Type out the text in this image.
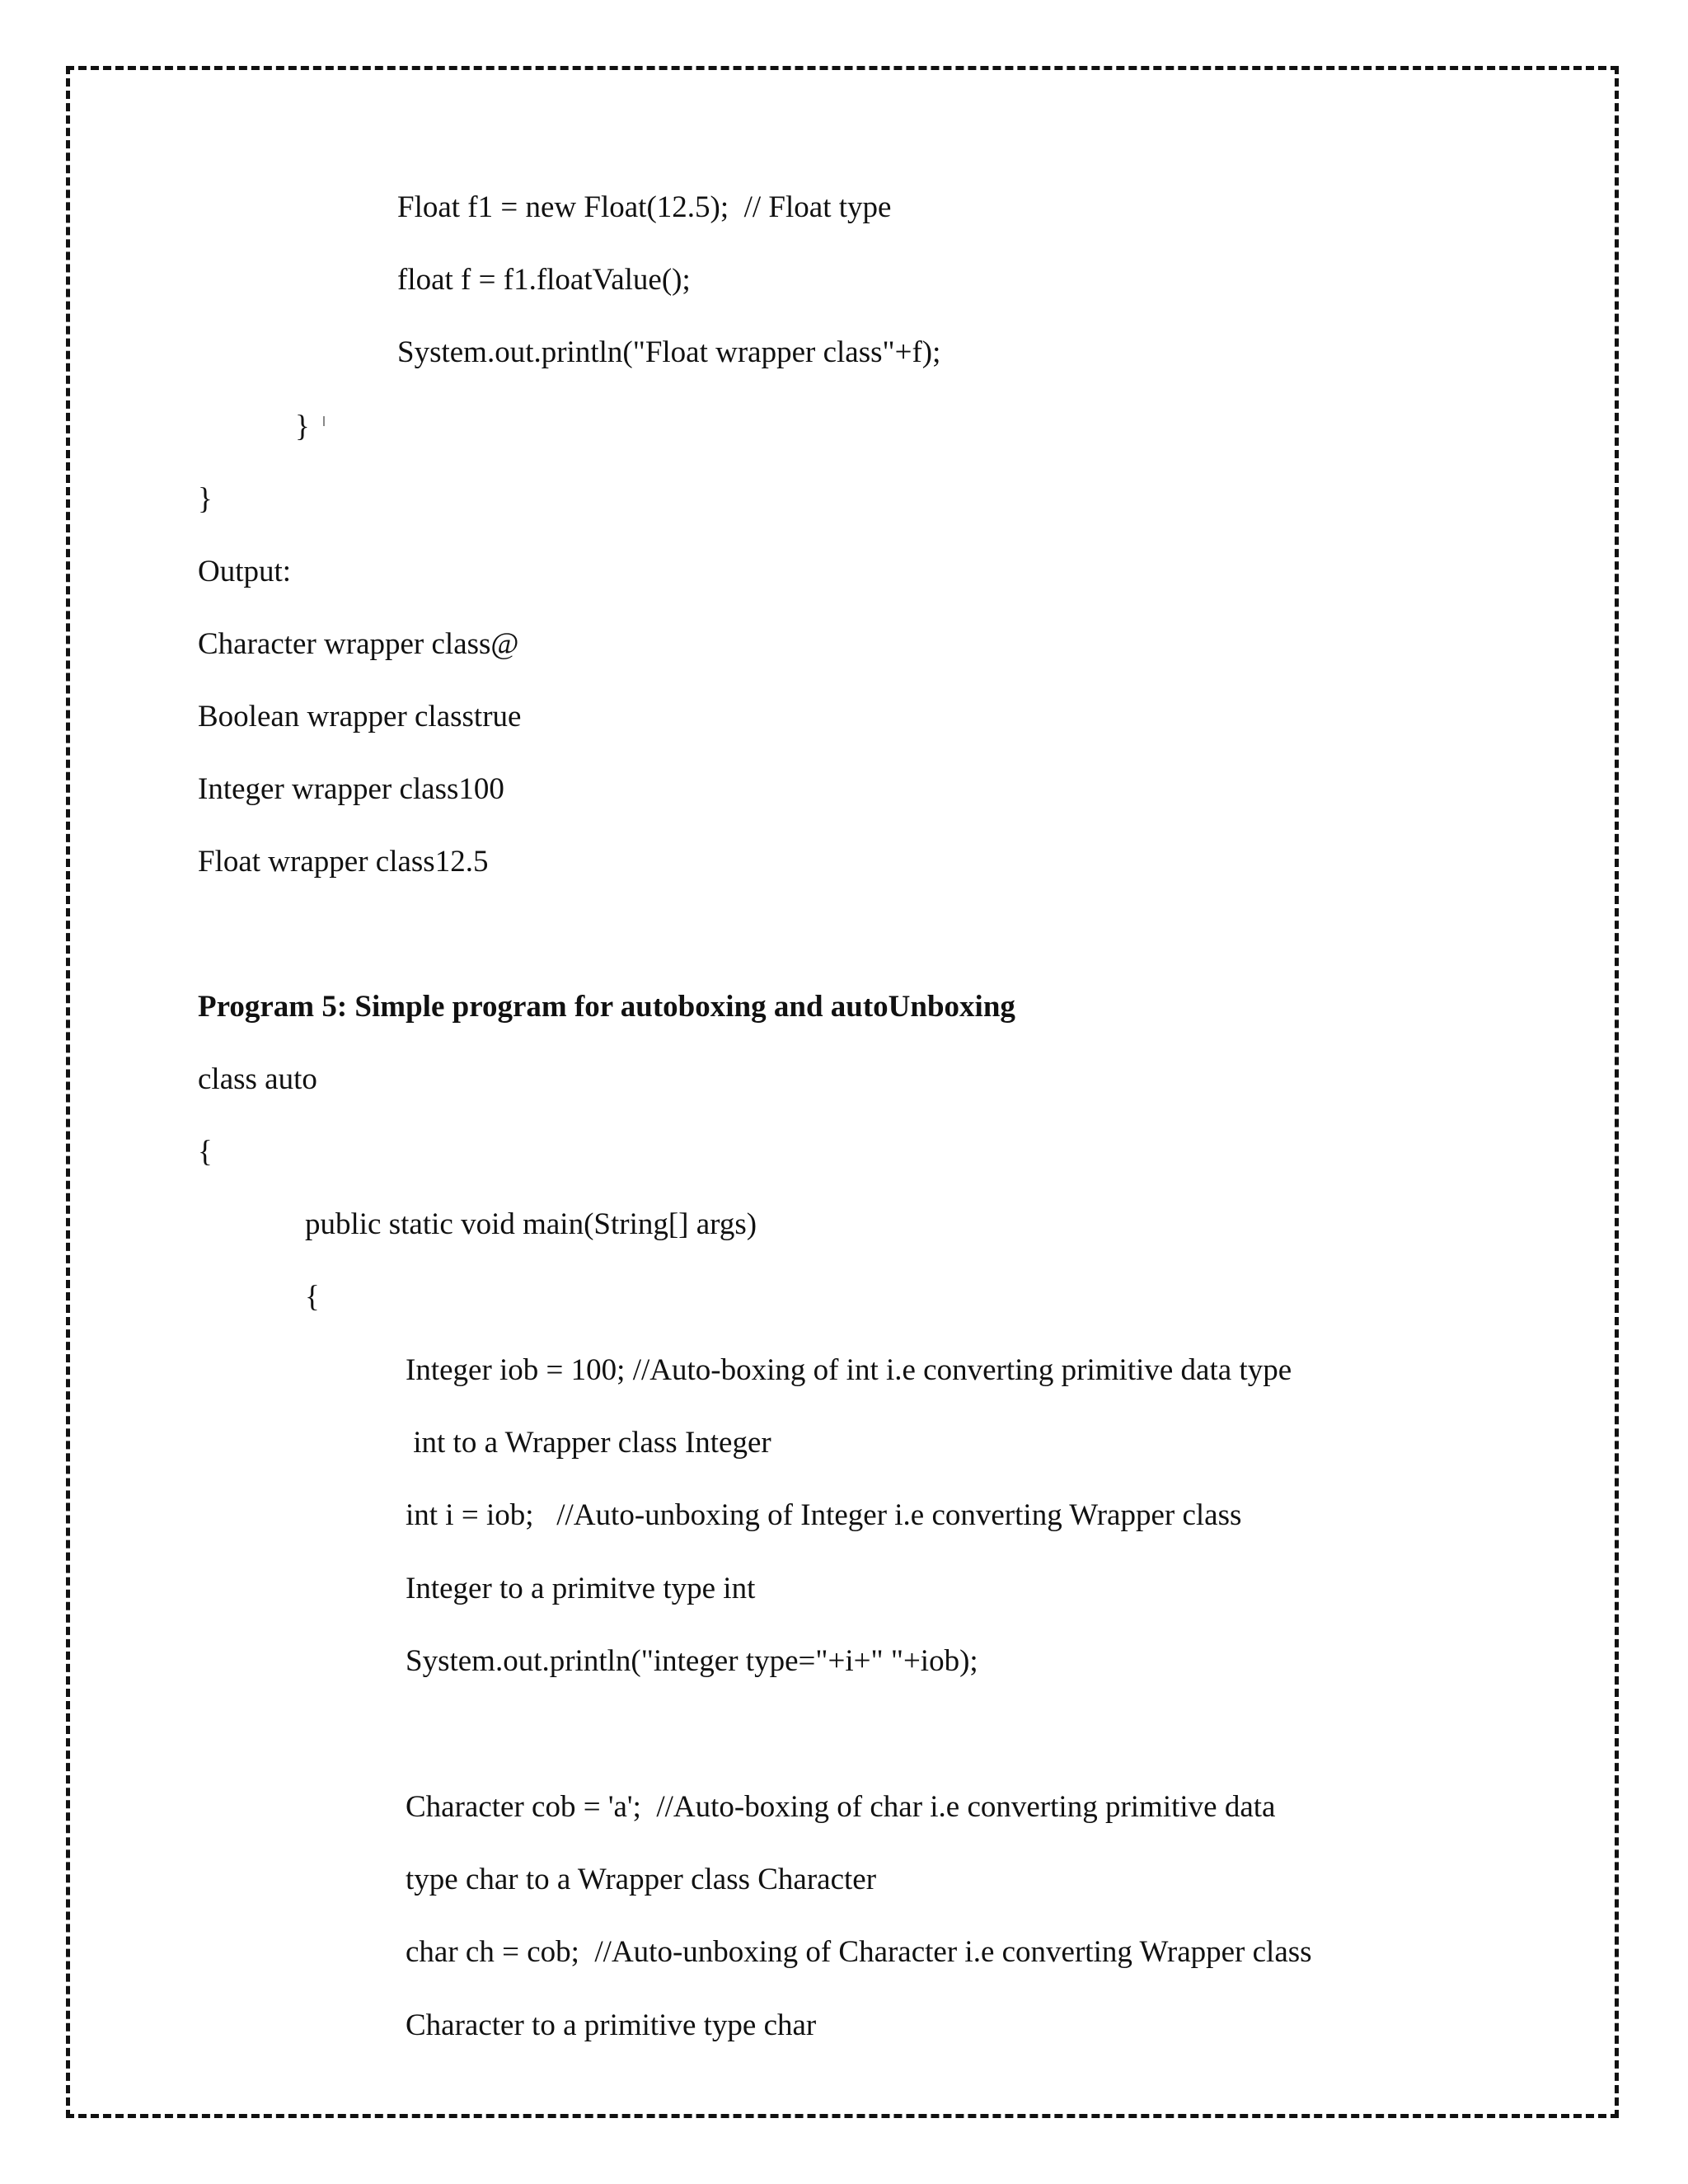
Float f1 = new Float(12.5);  // Float type

float f = f1.floatValue();

System.out.println("Float wrapper class"+f);

}

}

Output:

Character wrapper class@

Boolean wrapper classtrue

Integer wrapper class100

Float wrapper class12.5

Program 5: Simple program for autoboxing and autoUnboxing

class auto

{

public static void main(String[] args)

{

Integer iob = 100; //Auto-boxing of int i.e converting primitive data type

int to a Wrapper class Integer

int i = iob;   //Auto-unboxing of Integer i.e converting Wrapper class

Integer to a primitve type int

System.out.println("integer type="+i+" "+iob);

Character cob = 'a';  //Auto-boxing of char i.e converting primitive data

type char to a Wrapper class Character

char ch = cob;  //Auto-unboxing of Character i.e converting Wrapper class

Character to a primitive type char
